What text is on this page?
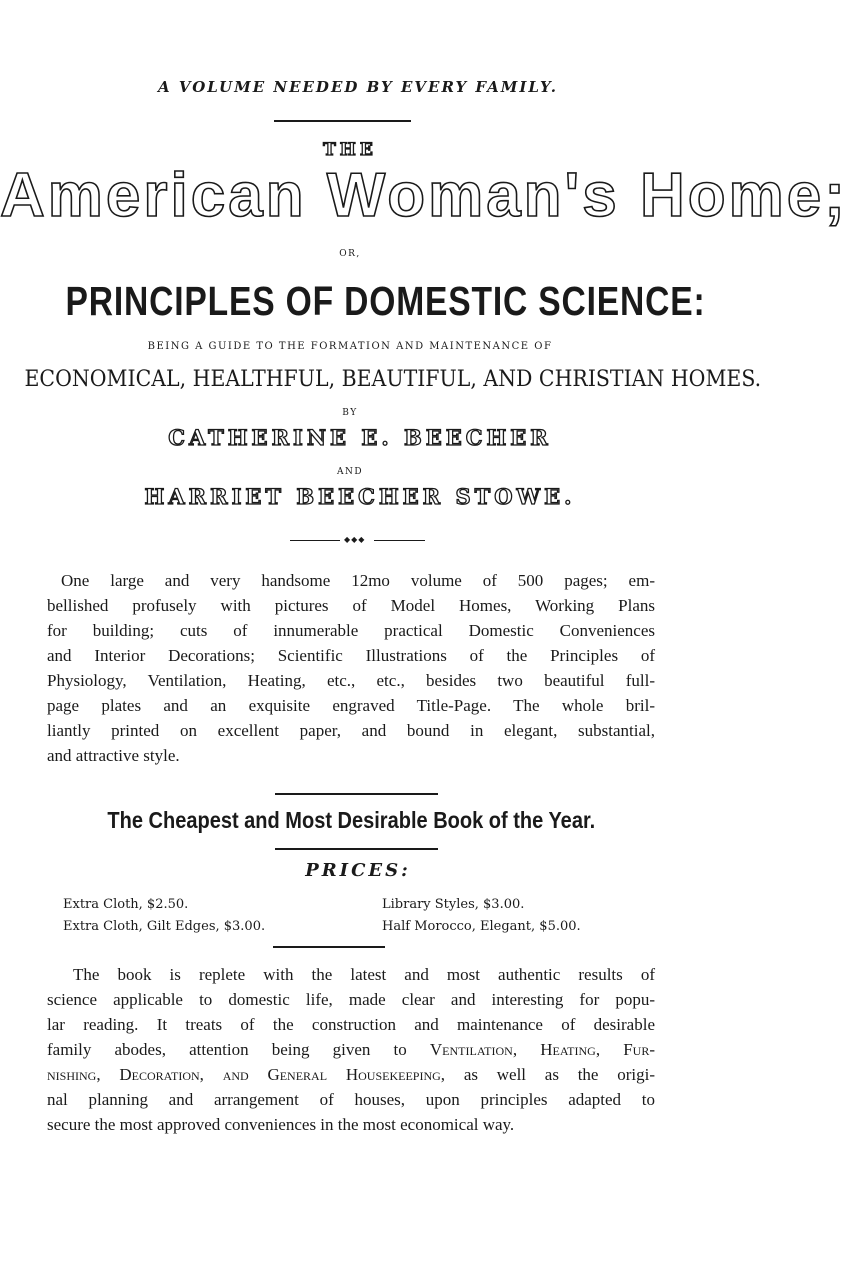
A VOLUME NEEDED BY EVERY FAMILY.
THE
American Woman's Home;
OR,
PRINCIPLES OF DOMESTIC SCIENCE:
BEING A GUIDE TO THE FORMATION AND MAINTENANCE OF
ECONOMICAL, HEALTHFUL, BEAUTIFUL, AND CHRISTIAN HOMES.
BY
CATHERINE E. BEECHER
AND
HARRIET BEECHER STOWE.
◆◆◆
One large and very handsome 12mo volume of 500 pages; em-
bellished profusely with pictures of Model Homes, Working Plans
for building; cuts of innumerable practical Domestic Conveniences
and Interior Decorations; Scientific Illustrations of the Principles of
Physiology, Ventilation, Heating, etc., etc., besides two beautiful full-
page plates and an exquisite engraved Title-Page. The whole bril-
liantly printed on excellent paper, and bound in elegant, substantial,
and attractive style.
The Cheapest and Most Desirable Book of the Year.
PRICES:
Extra Cloth, $2.50.	Library Styles, $3.00.
Extra Cloth, Gilt Edges, $3.00.	Half Morocco, Elegant, $5.00.
The book is replete with the latest and most authentic results of
science applicable to domestic life, made clear and interesting for popu-
lar reading. It treats of the construction and maintenance of desirable
family abodes, attention being given to Ventilation, Heating, Fur-
nishing, Decoration, and General Housekeeping, as well as the origi-
nal planning and arrangement of houses, upon principles adapted to
secure the most approved conveniences in the most economical way.
